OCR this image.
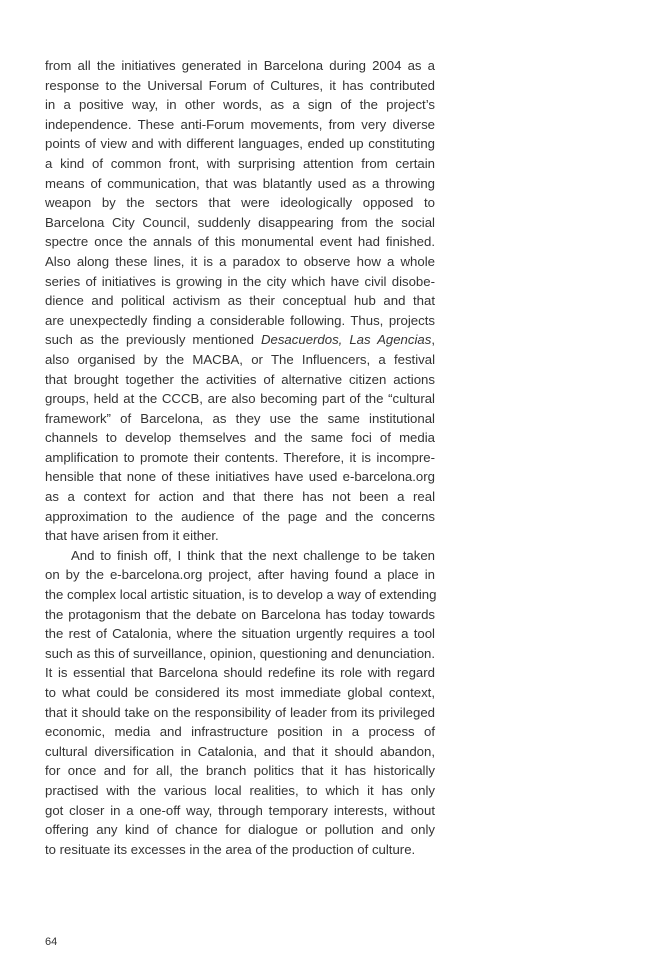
from all the initiatives generated in Barcelona during 2004 as a
response to the Universal Forum of Cultures, it has contributed
in a positive way, in other words, as a sign of the project’s
independence. These anti-Forum movements, from very diverse
points of view and with different languages, ended up constituting
a kind of common front, with surprising attention from certain
means of communication, that was blatantly used as a throwing
weapon by the sectors that were ideologically opposed to
Barcelona City Council, suddenly disappearing from the social
spectre once the annals of this monumental event had finished.
Also along these lines, it is a paradox to observe how a whole
series of initiatives is growing in the city which have civil disobe-
dience and political activism as their conceptual hub and that
are unexpectedly finding a considerable following. Thus, projects
such as the previously mentioned Desacuerdos, Las Agencias,
also organised by the MACBA, or The Influencers, a festival
that brought together the activities of alternative citizen actions
groups, held at the CCCB, are also becoming part of the “cultural
framework” of Barcelona, as they use the same institutional
channels to develop themselves and the same foci of media
amplification to promote their contents. Therefore, it is incompre-
hensible that none of these initiatives have used e-barcelona.org
as a context for action and that there has not been a real
approximation to the audience of the page and the concerns
that have arisen from it either.
And to finish off, I think that the next challenge to be taken
on by the e-barcelona.org project, after having found a place in
the complex local artistic situation, is to develop a way of extending
the protagonism that the debate on Barcelona has today towards
the rest of Catalonia, where the situation urgently requires a tool
such as this of surveillance, opinion, questioning and denunciation.
It is essential that Barcelona should redefine its role with regard
to what could be considered its most immediate global context,
that it should take on the responsibility of leader from its privileged
economic, media and infrastructure position in a process of
cultural diversification in Catalonia, and that it should abandon,
for once and for all, the branch politics that it has historically
practised with the various local realities, to which it has only
got closer in a one-off way, through temporary interests, without
offering any kind of chance for dialogue or pollution and only
to resituate its excesses in the area of the production of culture.
64
